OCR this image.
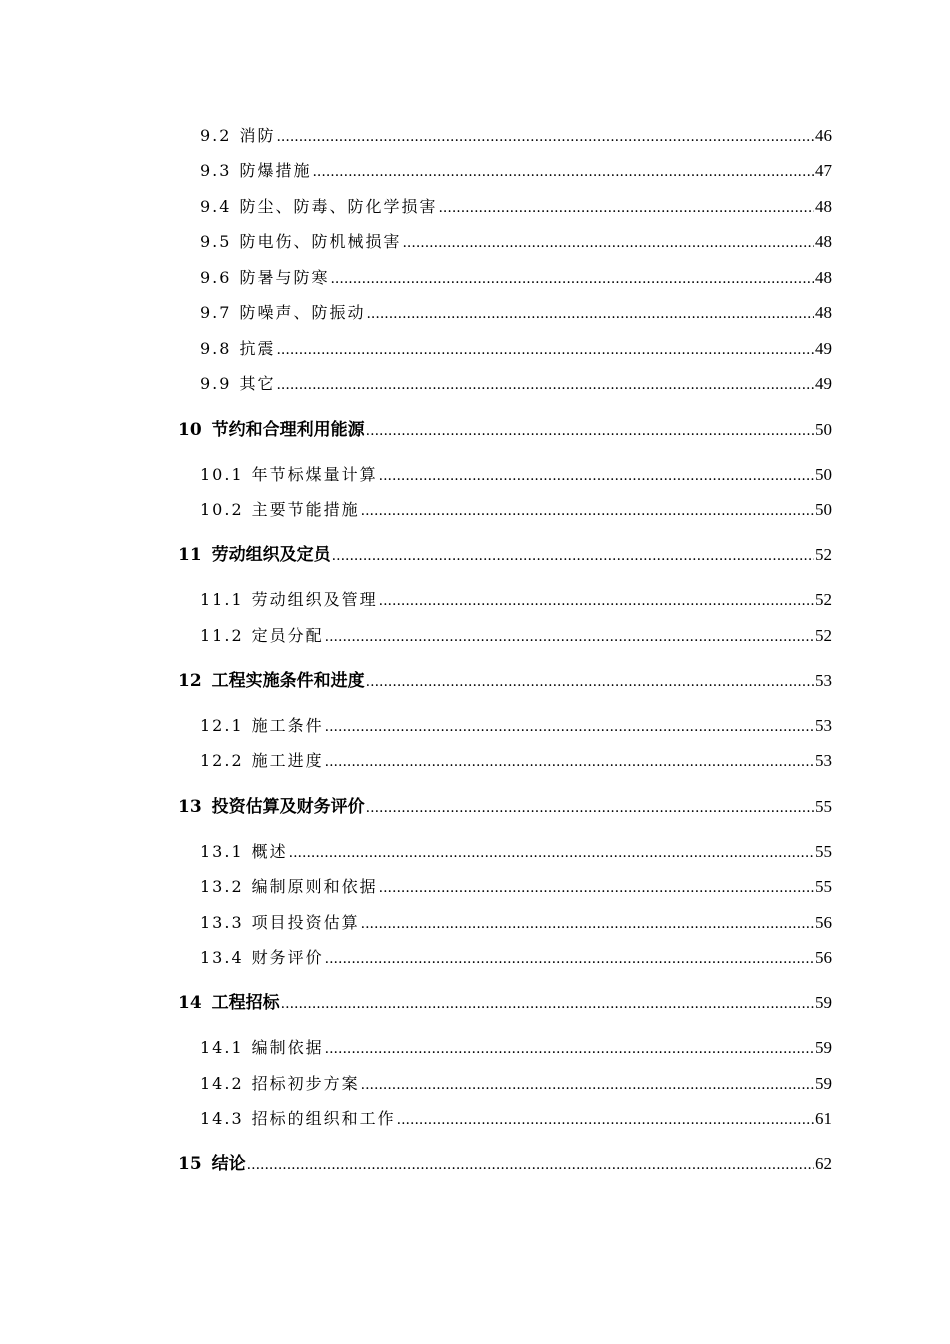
9.2 消防 .....	46
9.3 防爆措施 .....	47
9.4 防尘、防毒、防化学损害 .....	48
9.5 防电伤、防机械损害 .....	48
9.6 防暑与防寒 .....	48
9.7 防噪声、防振动 .....	48
9.8 抗震 .....	49
9.9 其它 .....	49
10 节约和合理利用能源 .....	50
10.1 年节标煤量计算 .....	50
10.2 主要节能措施 .....	50
11 劳动组织及定员 .....	52
11.1 劳动组织及管理 .....	52
11.2 定员分配 .....	52
12 工程实施条件和进度 .....	53
12.1 施工条件 .....	53
12.2 施工进度 .....	53
13 投资估算及财务评价 .....	55
13.1 概述 .....	55
13.2 编制原则和依据 .....	55
13.3 项目投资估算 .....	56
13.4 财务评价 .....	56
14 工程招标 .....	59
14.1 编制依据 .....	59
14.2 招标初步方案 .....	59
14.3 招标的组织和工作 .....	61
15 结论 .....	62
